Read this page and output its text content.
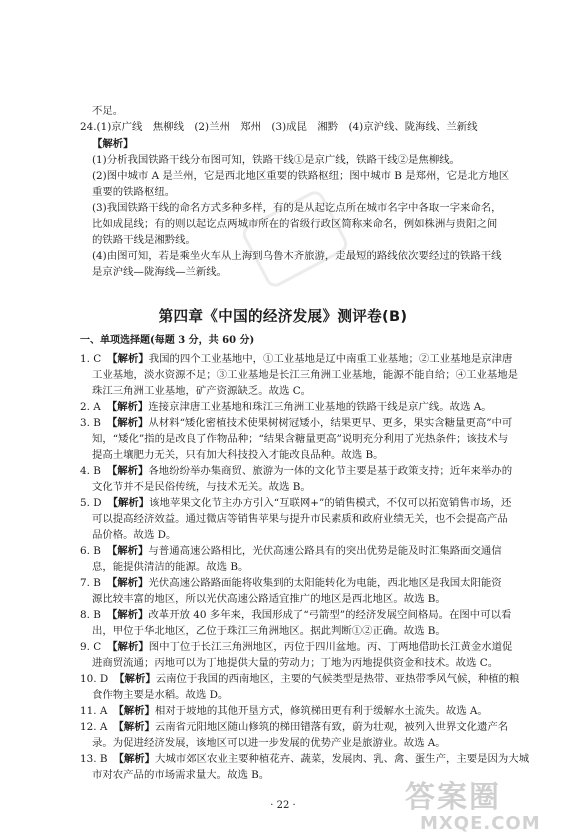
不足。
24.(1)京广线　焦柳线　(2)兰州　郑州　(3)成昆　湘黔　(4)京沪线、陇海线、兰新线
【解析】
(1)分析我国铁路干线分布图可知，铁路干线①是京广线，铁路干线②是焦柳线。
(2)图中城市 A 是兰州，它是西北地区重要的铁路枢纽；图中城市 B 是郑州，它是北方地区
重要的铁路枢纽。
(3)我国铁路干线的命名方式多种多样，有的是从起讫点所在城市名字中各取一字来命名，
比如成昆线；有的则以起讫点两城市所在的省级行政区简称来命名，例如株洲与贵阳之间
的铁路干线是湘黔线。
(4)由图可知，若是乘坐火车从上海到乌鲁木齐旅游，走最短的路线依次要经过的铁路干线
是京沪线—陇海线—兰新线。
第四章《中国的经济发展》测评卷(B)
一、单项选择题(每题 3 分，共 60 分)
1. C 【解析】我国的四个工业基地中，①工业基地是辽中南重工业基地；②工业基地是京津唐
工业基地，淡水资源不足；③工业基地是长江三角洲工业基地，能源不能自给；④工业基地是
珠江三角洲工业基地，矿产资源缺乏。故选 C。
2. A 【解析】连接京津唐工业基地和珠江三角洲工业基地的铁路干线是京广线。故选 A。
3. B 【解析】从材料“矮化密植技术使果树树冠矮小，结果更早、更多，果实含糖量更高”中可
知，“矮化”指的是改良了作物品种；“结果含糖量更高”说明充分利用了光热条件；该技术与
提高土壤肥力无关，只有加大科技投入才能改良品种。故选 B。
4. B 【解析】各地纷纷举办集商贸、旅游为一体的文化节主要是基于政策支持；近年来举办的
文化节并不是民俗传统，与技术无关。故选 B。
5. D 【解析】该地苹果文化节主办方引入“互联网+”的销售模式，不仅可以拓宽销售市场，还
可以提高经济效益。通过微店等销售苹果与提升市民素质和政府业绩无关，也不会提高产品
品价格。故选 D。
6. B 【解析】与普通高速公路相比，光伏高速公路具有的突出优势是能及时汇集路面交通信
息，能提供清洁的能源。故选 B。
7. B 【解析】光伏高速公路路面能将收集到的太阳能转化为电能，西北地区是我国太阳能资
源比较丰富的地区，所以光伏高速公路适宜推广的地区是西北地区。故选 B。
8. B 【解析】改革开放 40 多年来，我国形成了“弓箭型”的经济发展空间格局。在图中可以看
出，甲位于华北地区，乙位于珠江三角洲地区。据此判断①②正确。故选 B。
9. C 【解析】图中丁位于长江三角洲地区，丙位于四川盆地。丙、丁两地借助长江黄金水道促
进商贸流通；丙地可以为丁地提供大量的劳动力；丁地为丙地提供资金和技术。故选 C。
10. D 【解析】云南位于我国的西南地区，主要的气候类型是热带、亚热带季风气候，种植的粮
食作物主要是水稻。故选 D。
11. A 【解析】相对于坡地的其他开垦方式，修筑梯田更有利于缓解水土流失。故选 A。
12. A 【解析】云南省元阳地区随山修筑的梯田错落有致，蔚为壮观，被列入世界文化遗产名
录。为促进经济发展，该地区可以进一步发展的优势产业是旅游业。故选 A。
13. B 【解析】大城市郊区农业主要种植花卉、蔬菜，发展肉、乳、禽、蛋生产，主要是因为大城
市对农产品的市场需求量大。故选 B。
· 22 ·	答案圈
MXQE.COM
